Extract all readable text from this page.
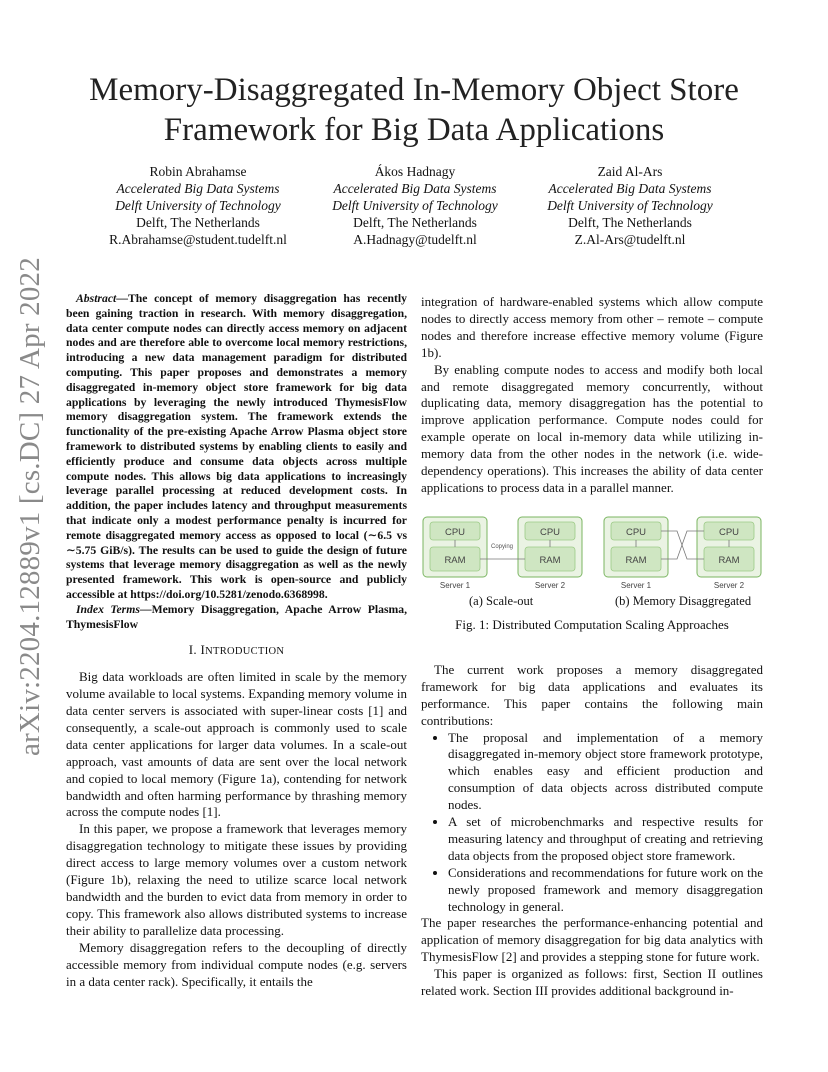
Memory-Disaggregated In-Memory Object Store
Framework for Big Data Applications
Robin Abrahamse
Accelerated Big Data Systems
Delft University of Technology
Delft, The Netherlands
R.Abrahamse@student.tudelft.nl
Ákos Hadnagy
Accelerated Big Data Systems
Delft University of Technology
Delft, The Netherlands
A.Hadnagy@tudelft.nl
Zaid Al-Ars
Accelerated Big Data Systems
Delft University of Technology
Delft, The Netherlands
Z.Al-Ars@tudelft.nl
arXiv:2204.12889v1 [cs.DC] 27 Apr 2022	Abstract—The concept of memory disaggregation has recently been gaining traction in research. With memory disaggregation, data center compute nodes can directly access memory on adjacent nodes and are therefore able to overcome local memory restrictions, introducing a new data management paradigm for distributed computing. This paper proposes and demonstrates a memory disaggregated in-memory object store framework for big data applications by leveraging the newly introduced ThymesisFlow memory disaggregation system. The framework extends the functionality of the pre-existing Apache Arrow Plasma object store framework to distributed systems by enabling clients to easily and efficiently produce and consume data objects across multiple compute nodes. This allows big data applications to increasingly leverage parallel processing at reduced development costs. In addition, the paper includes latency and throughput measurements that indicate only a modest performance penalty is incurred for remote disaggregated memory access as opposed to local (∼6.5 vs ∼5.75 GiB/s). The results can be used to guide the design of future systems that leverage memory disaggregation as well as the newly presented framework. This work is open-source and publicly accessible at https://doi.org/10.5281/zenodo.6368998.

Index Terms—Memory Disaggregation, Apache Arrow Plasma, ThymesisFlow

I. INTRODUCTION

Big data workloads are often limited in scale by the memory volume available to local systems. Expanding memory volume in data center servers is associated with super-linear costs [1] and consequently, a scale-out approach is commonly used to scale data center applications for larger data volumes. In a scale-out approach, vast amounts of data are sent over the local network and copied to local memory (Figure 1a), contending for network bandwidth and often harming performance by thrashing memory across the compute nodes [1].

In this paper, we propose a framework that leverages memory disaggregation technology to mitigate these issues by providing direct access to large memory volumes over a custom network (Figure 1b), relaxing the need to utilize scarce local network bandwidth and the burden to evict data from memory in order to copy. This framework also allows distributed systems to increase their ability to parallelize data processing.

Memory disaggregation refers to the decoupling of directly accessible memory from individual compute nodes (e.g. servers in a data center rack). Specifically, it entails the

integration of hardware-enabled systems which allow compute nodes to directly access memory from other – remote – compute nodes and therefore increase effective memory volume (Figure 1b).

By enabling compute nodes to access and modify both local and remote disaggregated memory concurrently, without duplicating data, memory disaggregation has the potential to improve application performance. Compute nodes could for example operate on local in-memory data while utilizing in-memory data from the other nodes in the network (i.e. wide-dependency operations). This increases the ability of data center applications to process data in a parallel manner.

CPU
RAM
CPU
RAM
Copying
Server 1	Server 2
CPU
RAM
CPU
RAM
Server 1	Server 2
(a) Scale-out	(b) Memory Disaggregated
Fig. 1: Distributed Computation Scaling Approaches

The current work proposes a memory disaggregated framework for big data applications and evaluates its performance. This paper contains the following main contributions:

• The proposal and implementation of a memory disaggregated in-memory object store framework prototype, which enables easy and efficient production and consumption of data objects across distributed compute nodes.
• A set of microbenchmarks and respective results for measuring latency and throughput of creating and retrieving data objects from the proposed object store framework.
• Considerations and recommendations for future work on the newly proposed framework and memory disaggregation technology in general.

The paper researches the performance-enhancing potential and application of memory disaggregation for big data analytics with ThymesisFlow [2] and provides a stepping stone for future work.

This paper is organized as follows: first, Section II outlines related work. Section III provides additional background in-
